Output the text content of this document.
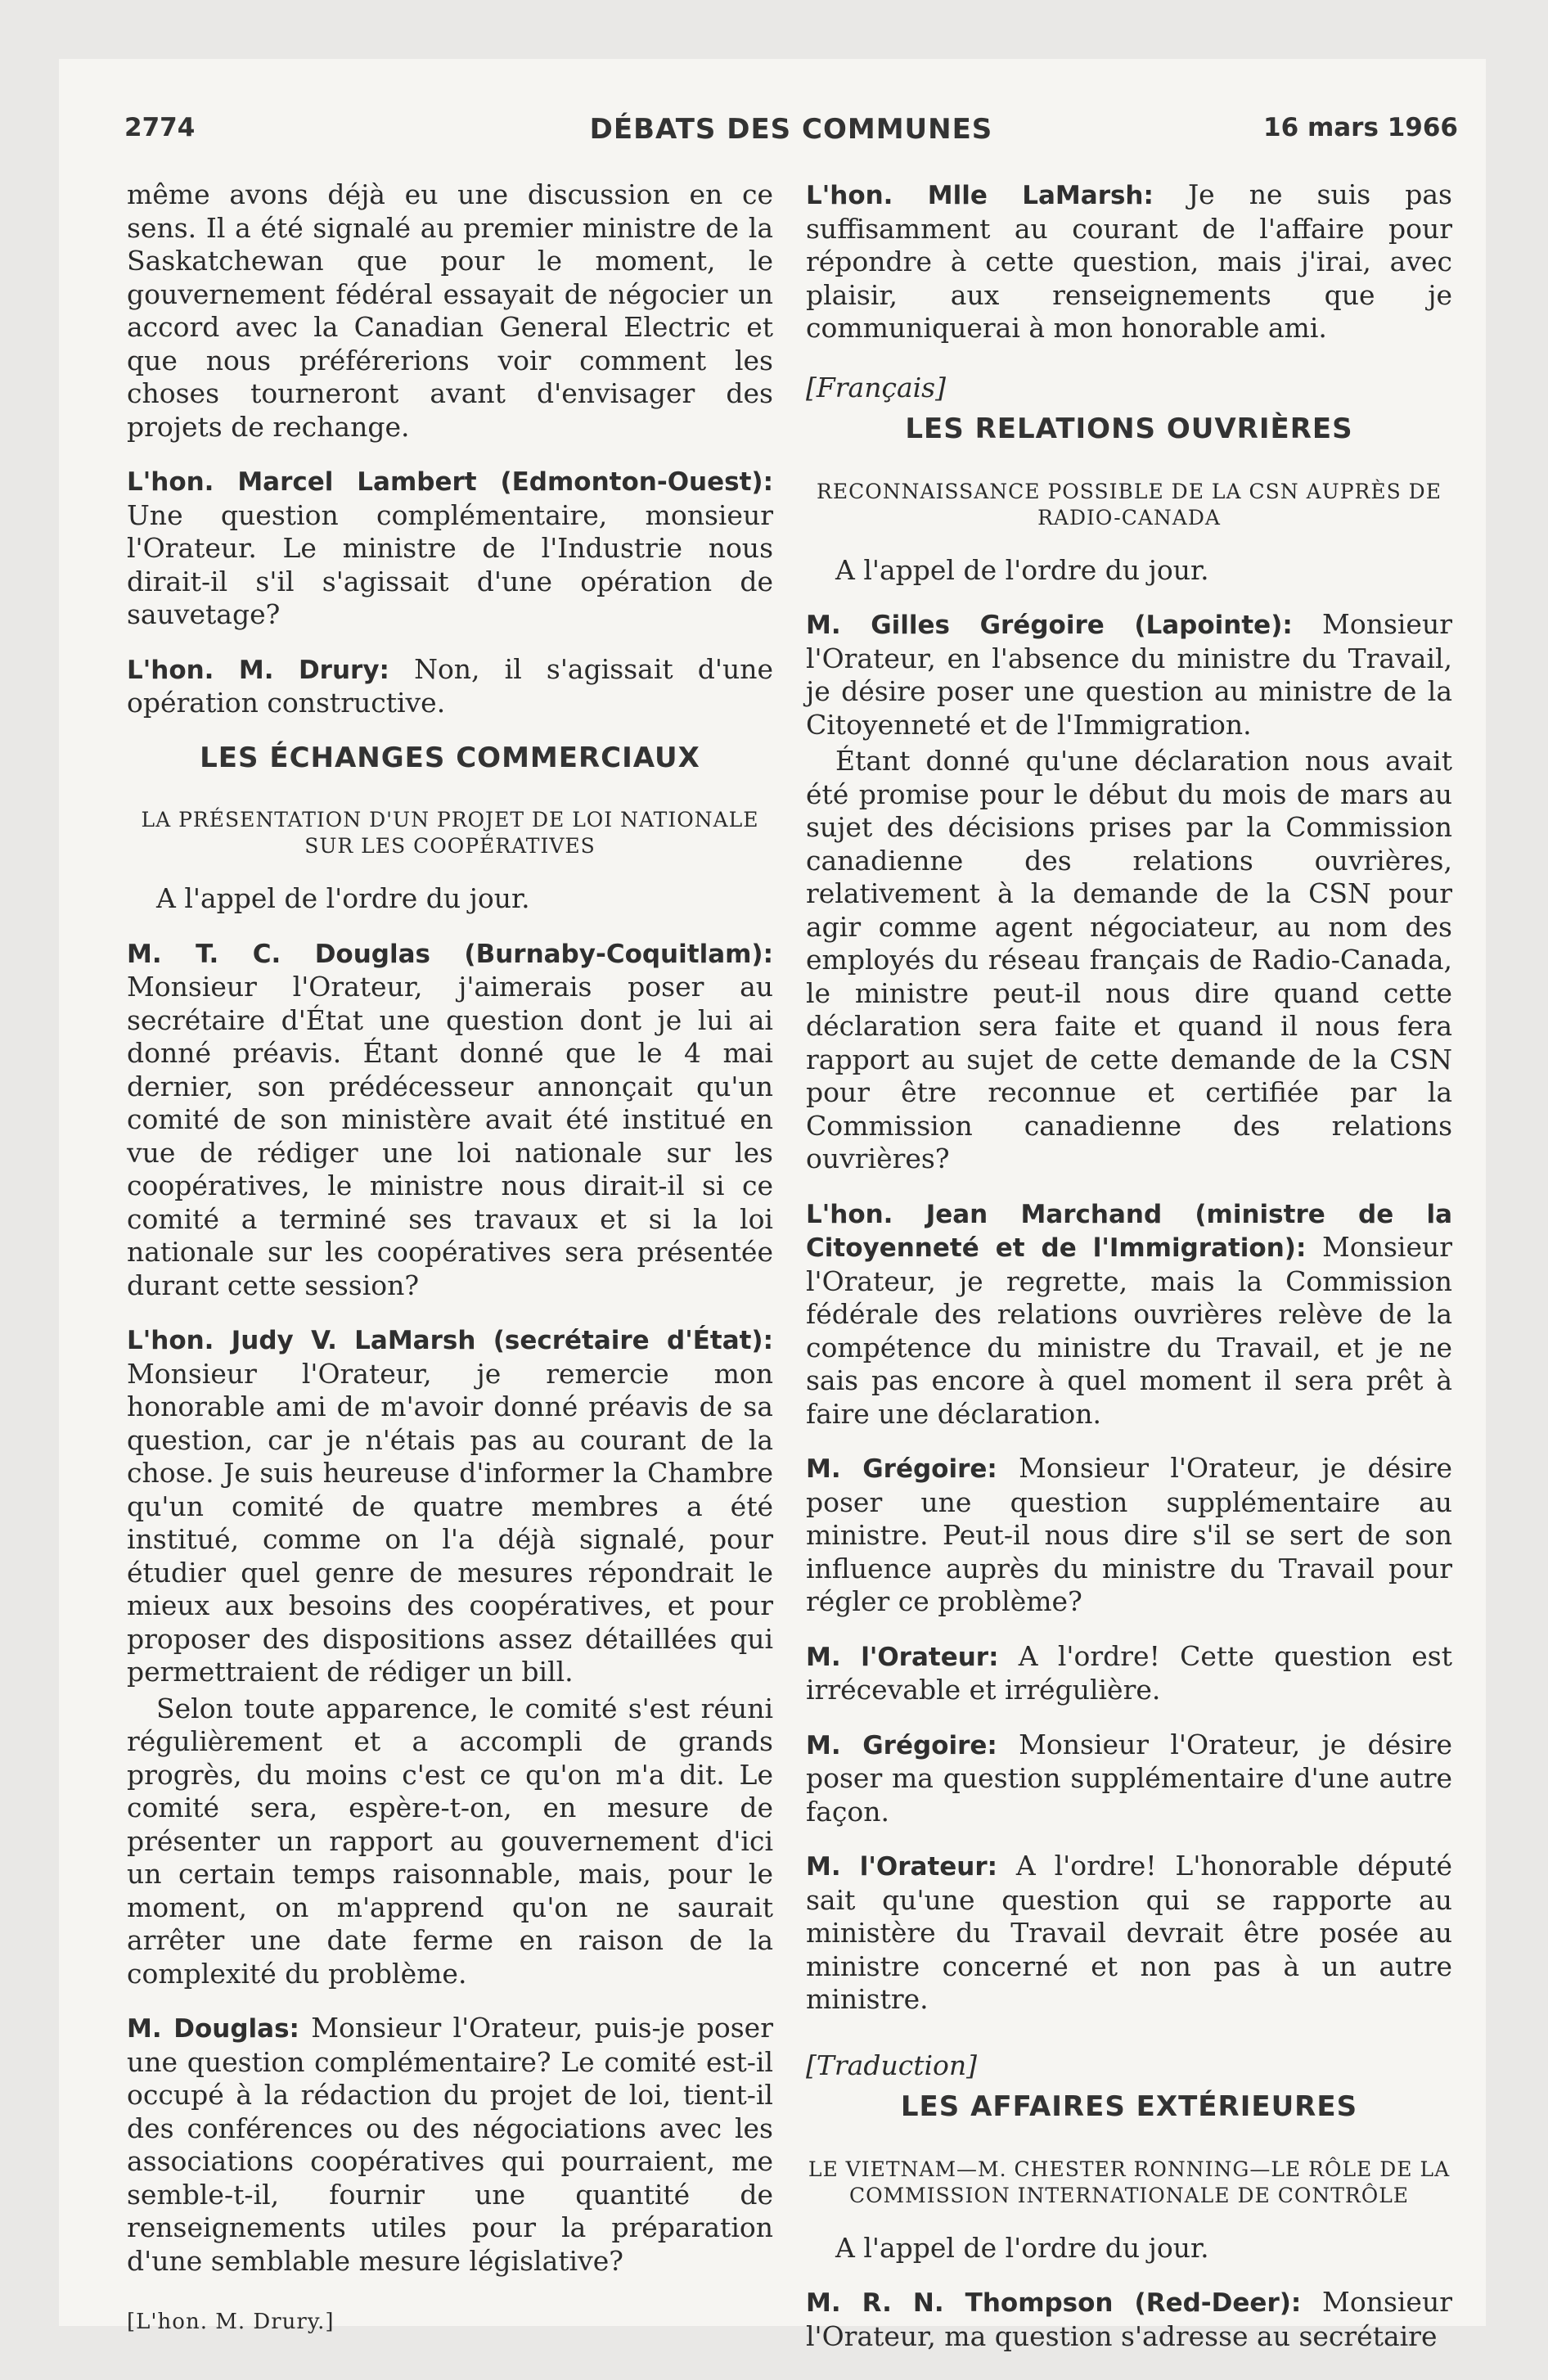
2774	DÉBATS DES COMMUNES	16 mars 1966

même avons déjà eu une discussion en ce sens. Il a été signalé au premier ministre de la Saskatchewan que pour le moment, le gouvernement fédéral essayait de négocier un accord avec la Canadian General Electric et que nous préférerions voir comment les choses tourneront avant d'envisager des projets de rechange.

L'hon. Marcel Lambert (Edmonton-Ouest): Une question complémentaire, monsieur l'Orateur. Le ministre de l'Industrie nous dirait-il s'il s'agissait d'une opération de sauvetage?

L'hon. M. Drury: Non, il s'agissait d'une opération constructive.

LES ÉCHANGES COMMERCIAUX
LA PRÉSENTATION D'UN PROJET DE LOI NATIONALE SUR LES COOPÉRATIVES

A l'appel de l'ordre du jour.

M. T. C. Douglas (Burnaby-Coquitlam): Monsieur l'Orateur, j'aimerais poser au secrétaire d'État une question dont je lui ai donné préavis. Étant donné que le 4 mai dernier, son prédécesseur annonçait qu'un comité de son ministère avait été institué en vue de rédiger une loi nationale sur les coopératives, le ministre nous dirait-il si ce comité a terminé ses travaux et si la loi nationale sur les coopératives sera présentée durant cette session?

L'hon. Judy V. LaMarsh (secrétaire d'État): Monsieur l'Orateur, je remercie mon honorable ami de m'avoir donné préavis de sa question, car je n'étais pas au courant de la chose. Je suis heureuse d'informer la Chambre qu'un comité de quatre membres a été institué, comme on l'a déjà signalé, pour étudier quel genre de mesures répondrait le mieux aux besoins des coopératives, et pour proposer des dispositions assez détaillées qui permettraient de rédiger un bill.

Selon toute apparence, le comité s'est réuni régulièrement et a accompli de grands progrès, du moins c'est ce qu'on m'a dit. Le comité sera, espère-t-on, en mesure de présenter un rapport au gouvernement d'ici un certain temps raisonnable, mais, pour le moment, on m'apprend qu'on ne saurait arrêter une date ferme en raison de la complexité du problème.

M. Douglas: Monsieur l'Orateur, puis-je poser une question complémentaire? Le comité est-il occupé à la rédaction du projet de loi, tient-il des conférences ou des négociations avec les associations coopératives qui pourraient, me semble-t-il, fournir une quantité de renseignements utiles pour la préparation d'une semblable mesure législative?

[L'hon. M. Drury.]

L'hon. Mlle LaMarsh: Je ne suis pas suffisamment au courant de l'affaire pour répondre à cette question, mais j'irai, avec plaisir, aux renseignements que je communiquerai à mon honorable ami.

[Français]
LES RELATIONS OUVRIÈRES
RECONNAISSANCE POSSIBLE DE LA CSN AUPRÈS DE RADIO-CANADA

A l'appel de l'ordre du jour.

M. Gilles Grégoire (Lapointe): Monsieur l'Orateur, en l'absence du ministre du Travail, je désire poser une question au ministre de la Citoyenneté et de l'Immigration.

Étant donné qu'une déclaration nous avait été promise pour le début du mois de mars au sujet des décisions prises par la Commission canadienne des relations ouvrières, relativement à la demande de la CSN pour agir comme agent négociateur, au nom des employés du réseau français de Radio-Canada, le ministre peut-il nous dire quand cette déclaration sera faite et quand il nous fera rapport au sujet de cette demande de la CSN pour être reconnue et certifiée par la Commission canadienne des relations ouvrières?

L'hon. Jean Marchand (ministre de la Citoyenneté et de l'Immigration): Monsieur l'Orateur, je regrette, mais la Commission fédérale des relations ouvrières relève de la compétence du ministre du Travail, et je ne sais pas encore à quel moment il sera prêt à faire une déclaration.

M. Grégoire: Monsieur l'Orateur, je désire poser une question supplémentaire au ministre. Peut-il nous dire s'il se sert de son influence auprès du ministre du Travail pour régler ce problème?

M. l'Orateur: A l'ordre! Cette question est irrécevable et irrégulière.

M. Grégoire: Monsieur l'Orateur, je désire poser ma question supplémentaire d'une autre façon.

M. l'Orateur: A l'ordre! L'honorable député sait qu'une question qui se rapporte au ministère du Travail devrait être posée au ministre concerné et non pas à un autre ministre.

[Traduction]
LES AFFAIRES EXTÉRIEURES
LE VIETNAM—M. CHESTER RONNING—LE RÔLE DE LA COMMISSION INTERNATIONALE DE CONTRÔLE

A l'appel de l'ordre du jour.

M. R. N. Thompson (Red-Deer): Monsieur l'Orateur, ma question s'adresse au secrétaire
